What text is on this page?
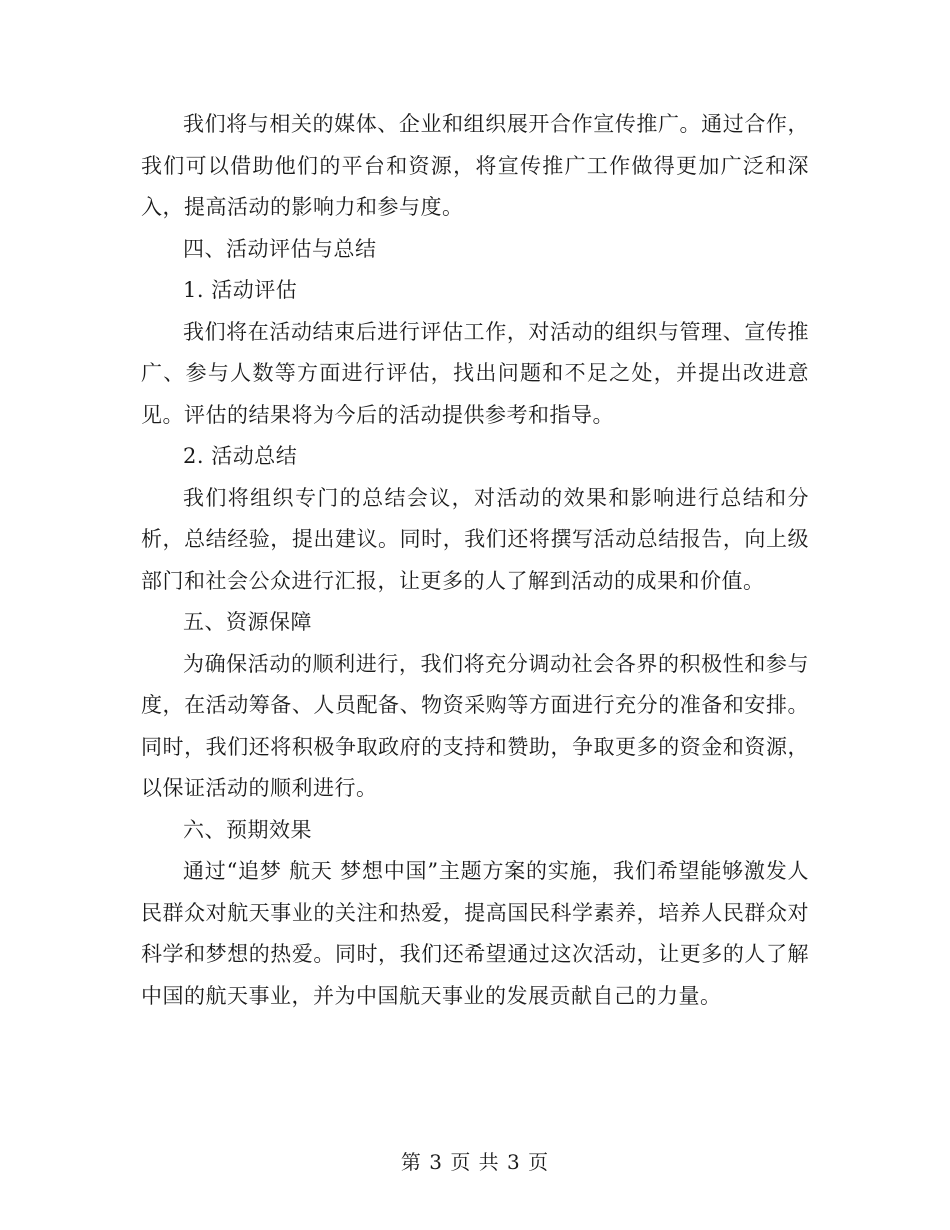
我们将与相关的媒体、企业和组织展开合作宣传推广。通过合作，我们可以借助他们的平台和资源，将宣传推广工作做得更加广泛和深入，提高活动的影响力和参与度。

四、活动评估与总结

1. 活动评估

我们将在活动结束后进行评估工作，对活动的组织与管理、宣传推广、参与人数等方面进行评估，找出问题和不足之处，并提出改进意见。评估的结果将为今后的活动提供参考和指导。

2. 活动总结

我们将组织专门的总结会议，对活动的效果和影响进行总结和分析，总结经验，提出建议。同时，我们还将撰写活动总结报告，向上级部门和社会公众进行汇报，让更多的人了解到活动的成果和价值。

五、资源保障

为确保活动的顺利进行，我们将充分调动社会各界的积极性和参与度，在活动筹备、人员配备、物资采购等方面进行充分的准备和安排。同时，我们还将积极争取政府的支持和赞助，争取更多的资金和资源，以保证活动的顺利进行。

六、预期效果

通过“追梦 航天 梦想中国”主题方案的实施，我们希望能够激发人民群众对航天事业的关注和热爱，提高国民科学素养，培养人民群众对科学和梦想的热爱。同时，我们还希望通过这次活动，让更多的人了解中国的航天事业，并为中国航天事业的发展贡献自己的力量。

第 3 页 共 3 页
